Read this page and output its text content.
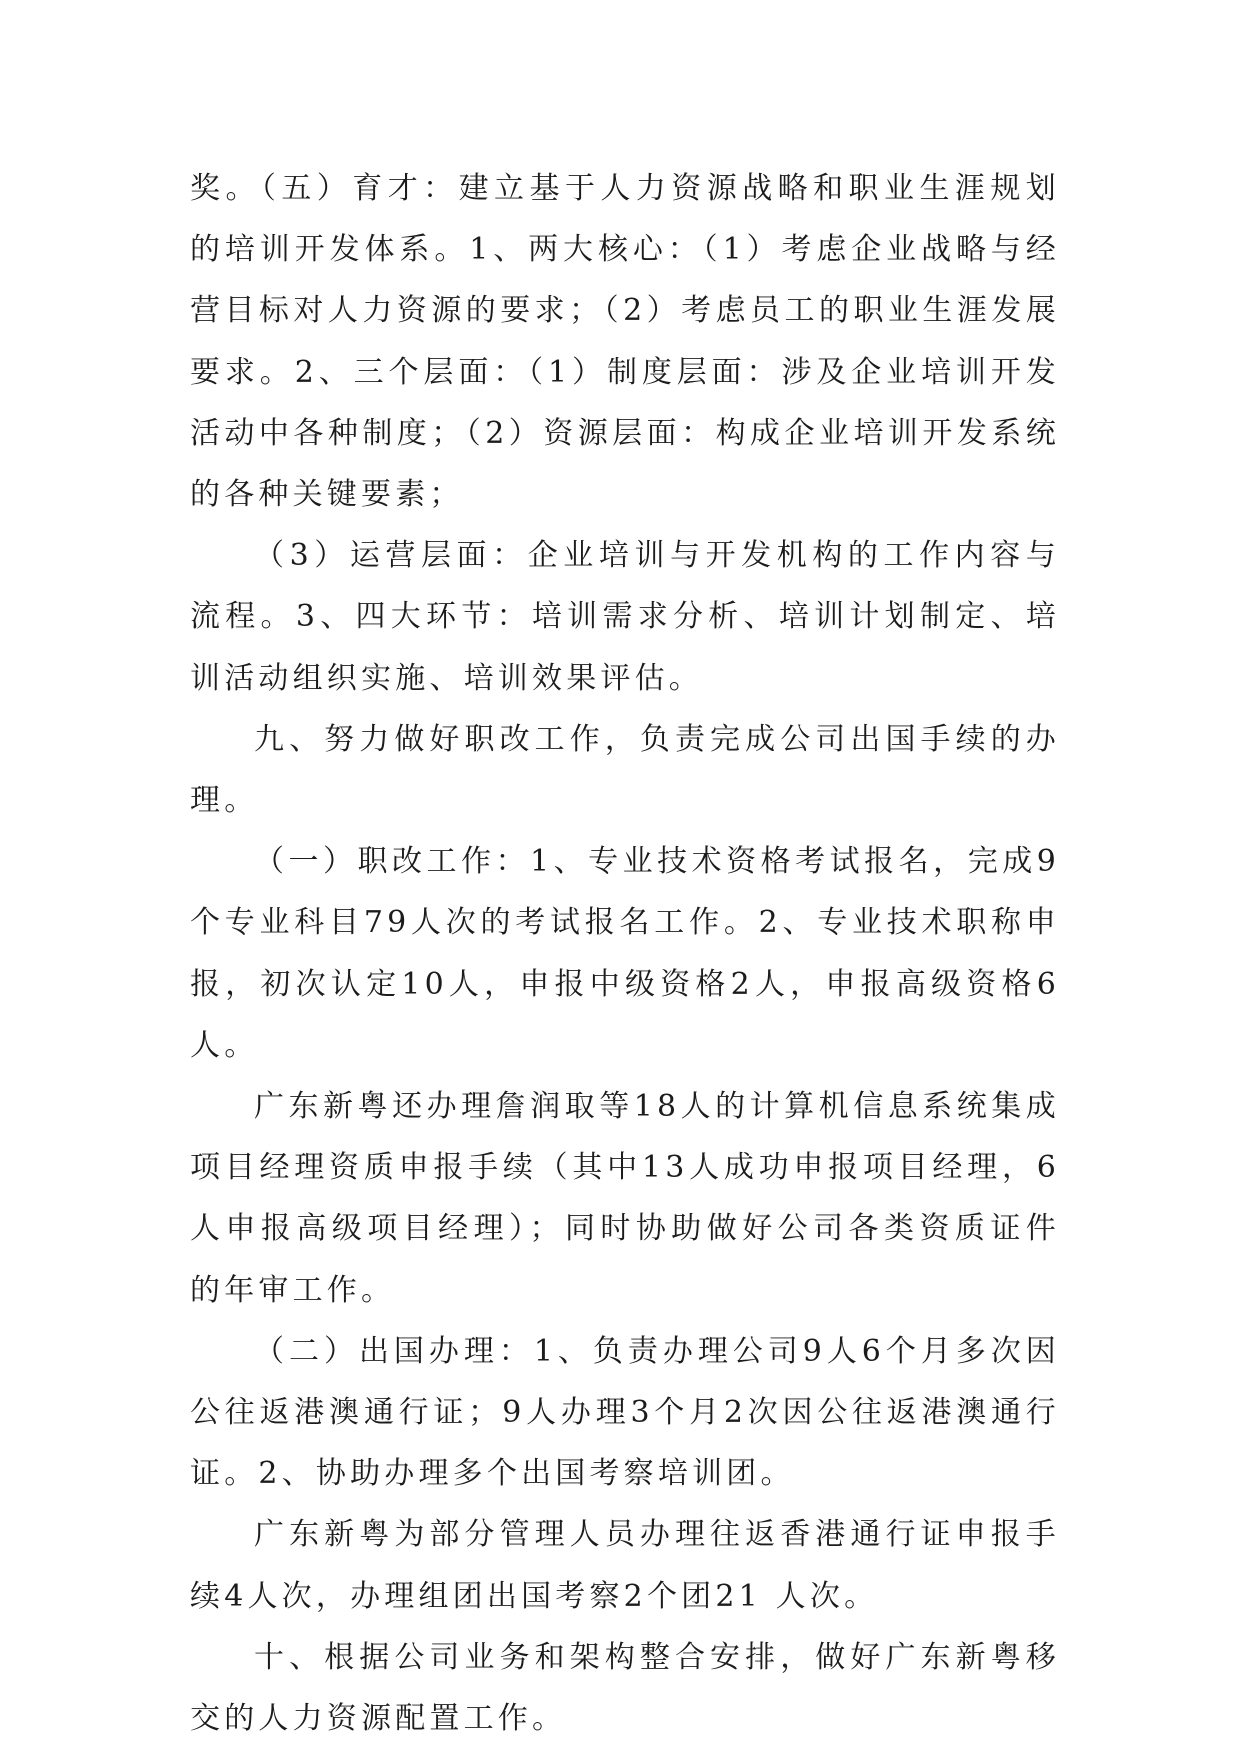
奖。（五）育才：建立基于人力资源战略和职业生涯规划的培训开发体系。1、两大核心：（1）考虑企业战略与经营目标对人力资源的要求；（2）考虑员工的职业生涯发展要求。2、三个层面：（1）制度层面：涉及企业培训开发活动中各种制度；（2）资源层面：构成企业培训开发系统的各种关键要素；

（3）运营层面：企业培训与开发机构的工作内容与流程。3、四大环节：培训需求分析、培训计划制定、培训活动组织实施、培训效果评估。

九、努力做好职改工作，负责完成公司出国手续的办理。

（一）职改工作：1、专业技术资格考试报名，完成9个专业科目79人次的考试报名工作。2、专业技术职称申报，初次认定10人，申报中级资格2人，申报高级资格6人。

广东新粤还办理詹润取等18人的计算机信息系统集成项目经理资质申报手续（其中13人成功申报项目经理，6人申报高级项目经理）；同时协助做好公司各类资质证件的年审工作。

（二）出国办理：1、负责办理公司9人6个月多次因公往返港澳通行证；9人办理3个月2次因公往返港澳通行证。2、协助办理多个出国考察培训团。

广东新粤为部分管理人员办理往返香港通行证申报手续4人次，办理组团出国考察2个团21 人次。

十、根据公司业务和架构整合安排，做好广东新粤移交的人力资源配置工作。
